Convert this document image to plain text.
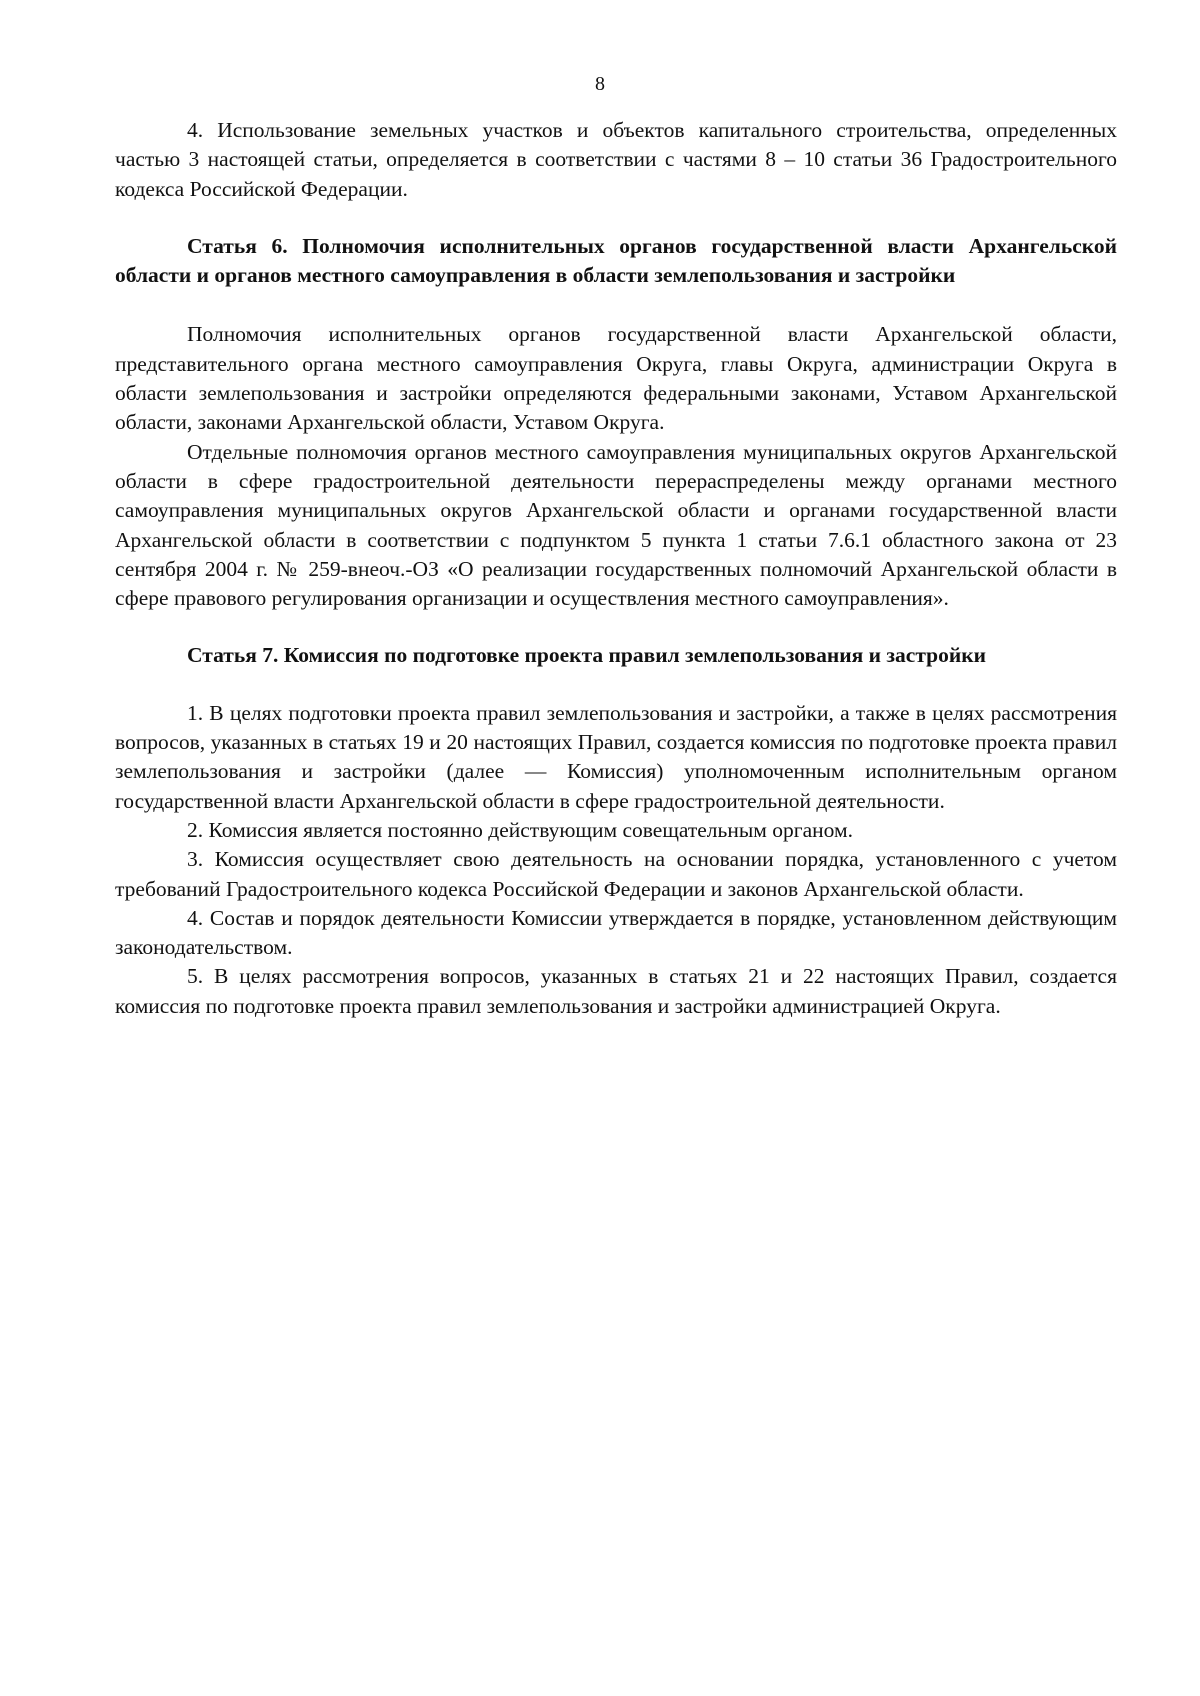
8

4. Использование земельных участков и объектов капитального строительства, определенных частью 3 настоящей статьи, определяется в соответствии с частями 8 – 10 статьи 36 Градостроительного кодекса Российской Федерации.

Статья 6. Полномочия исполнительных органов государственной власти Архангельской области и органов местного самоуправления в области землепользования и застройки

Полномочия исполнительных органов государственной власти Архангельской области, представительного органа местного самоуправления Округа, главы Округа, администрации Округа в области землепользования и застройки определяются федеральными законами, Уставом Архангельской области, законами Архангельской области, Уставом Округа.

Отдельные полномочия органов местного самоуправления муниципальных округов Архангельской области в сфере градостроительной деятельности перераспределены между органами местного самоуправления муниципальных округов Архангельской области и органами государственной власти Архангельской области в соответствии с подпунктом 5 пункта 1 статьи 7.6.1 областного закона от 23 сентября 2004 г. № 259-внеоч.-ОЗ «О реализации государственных полномочий Архангельской области в сфере правового регулирования организации и осуществления местного самоуправления».

Статья 7. Комиссия по подготовке проекта правил землепользования и застройки

1. В целях подготовки проекта правил землепользования и застройки, а также в целях рассмотрения вопросов, указанных в статьях 19 и 20 настоящих Правил, создается комиссия по подготовке проекта правил землепользования и застройки (далее — Комиссия) уполномоченным исполнительным органом государственной власти Архангельской области в сфере градостроительной деятельности.

2. Комиссия является постоянно действующим совещательным органом.

3. Комиссия осуществляет свою деятельность на основании порядка, установленного с учетом требований Градостроительного кодекса Российской Федерации и законов Архангельской области.

4. Состав и порядок деятельности Комиссии утверждается в порядке, установленном действующим законодательством.

5. В целях рассмотрения вопросов, указанных в статьях 21 и 22 настоящих Правил, создается комиссия по подготовке проекта правил землепользования и застройки администрацией Округа.
